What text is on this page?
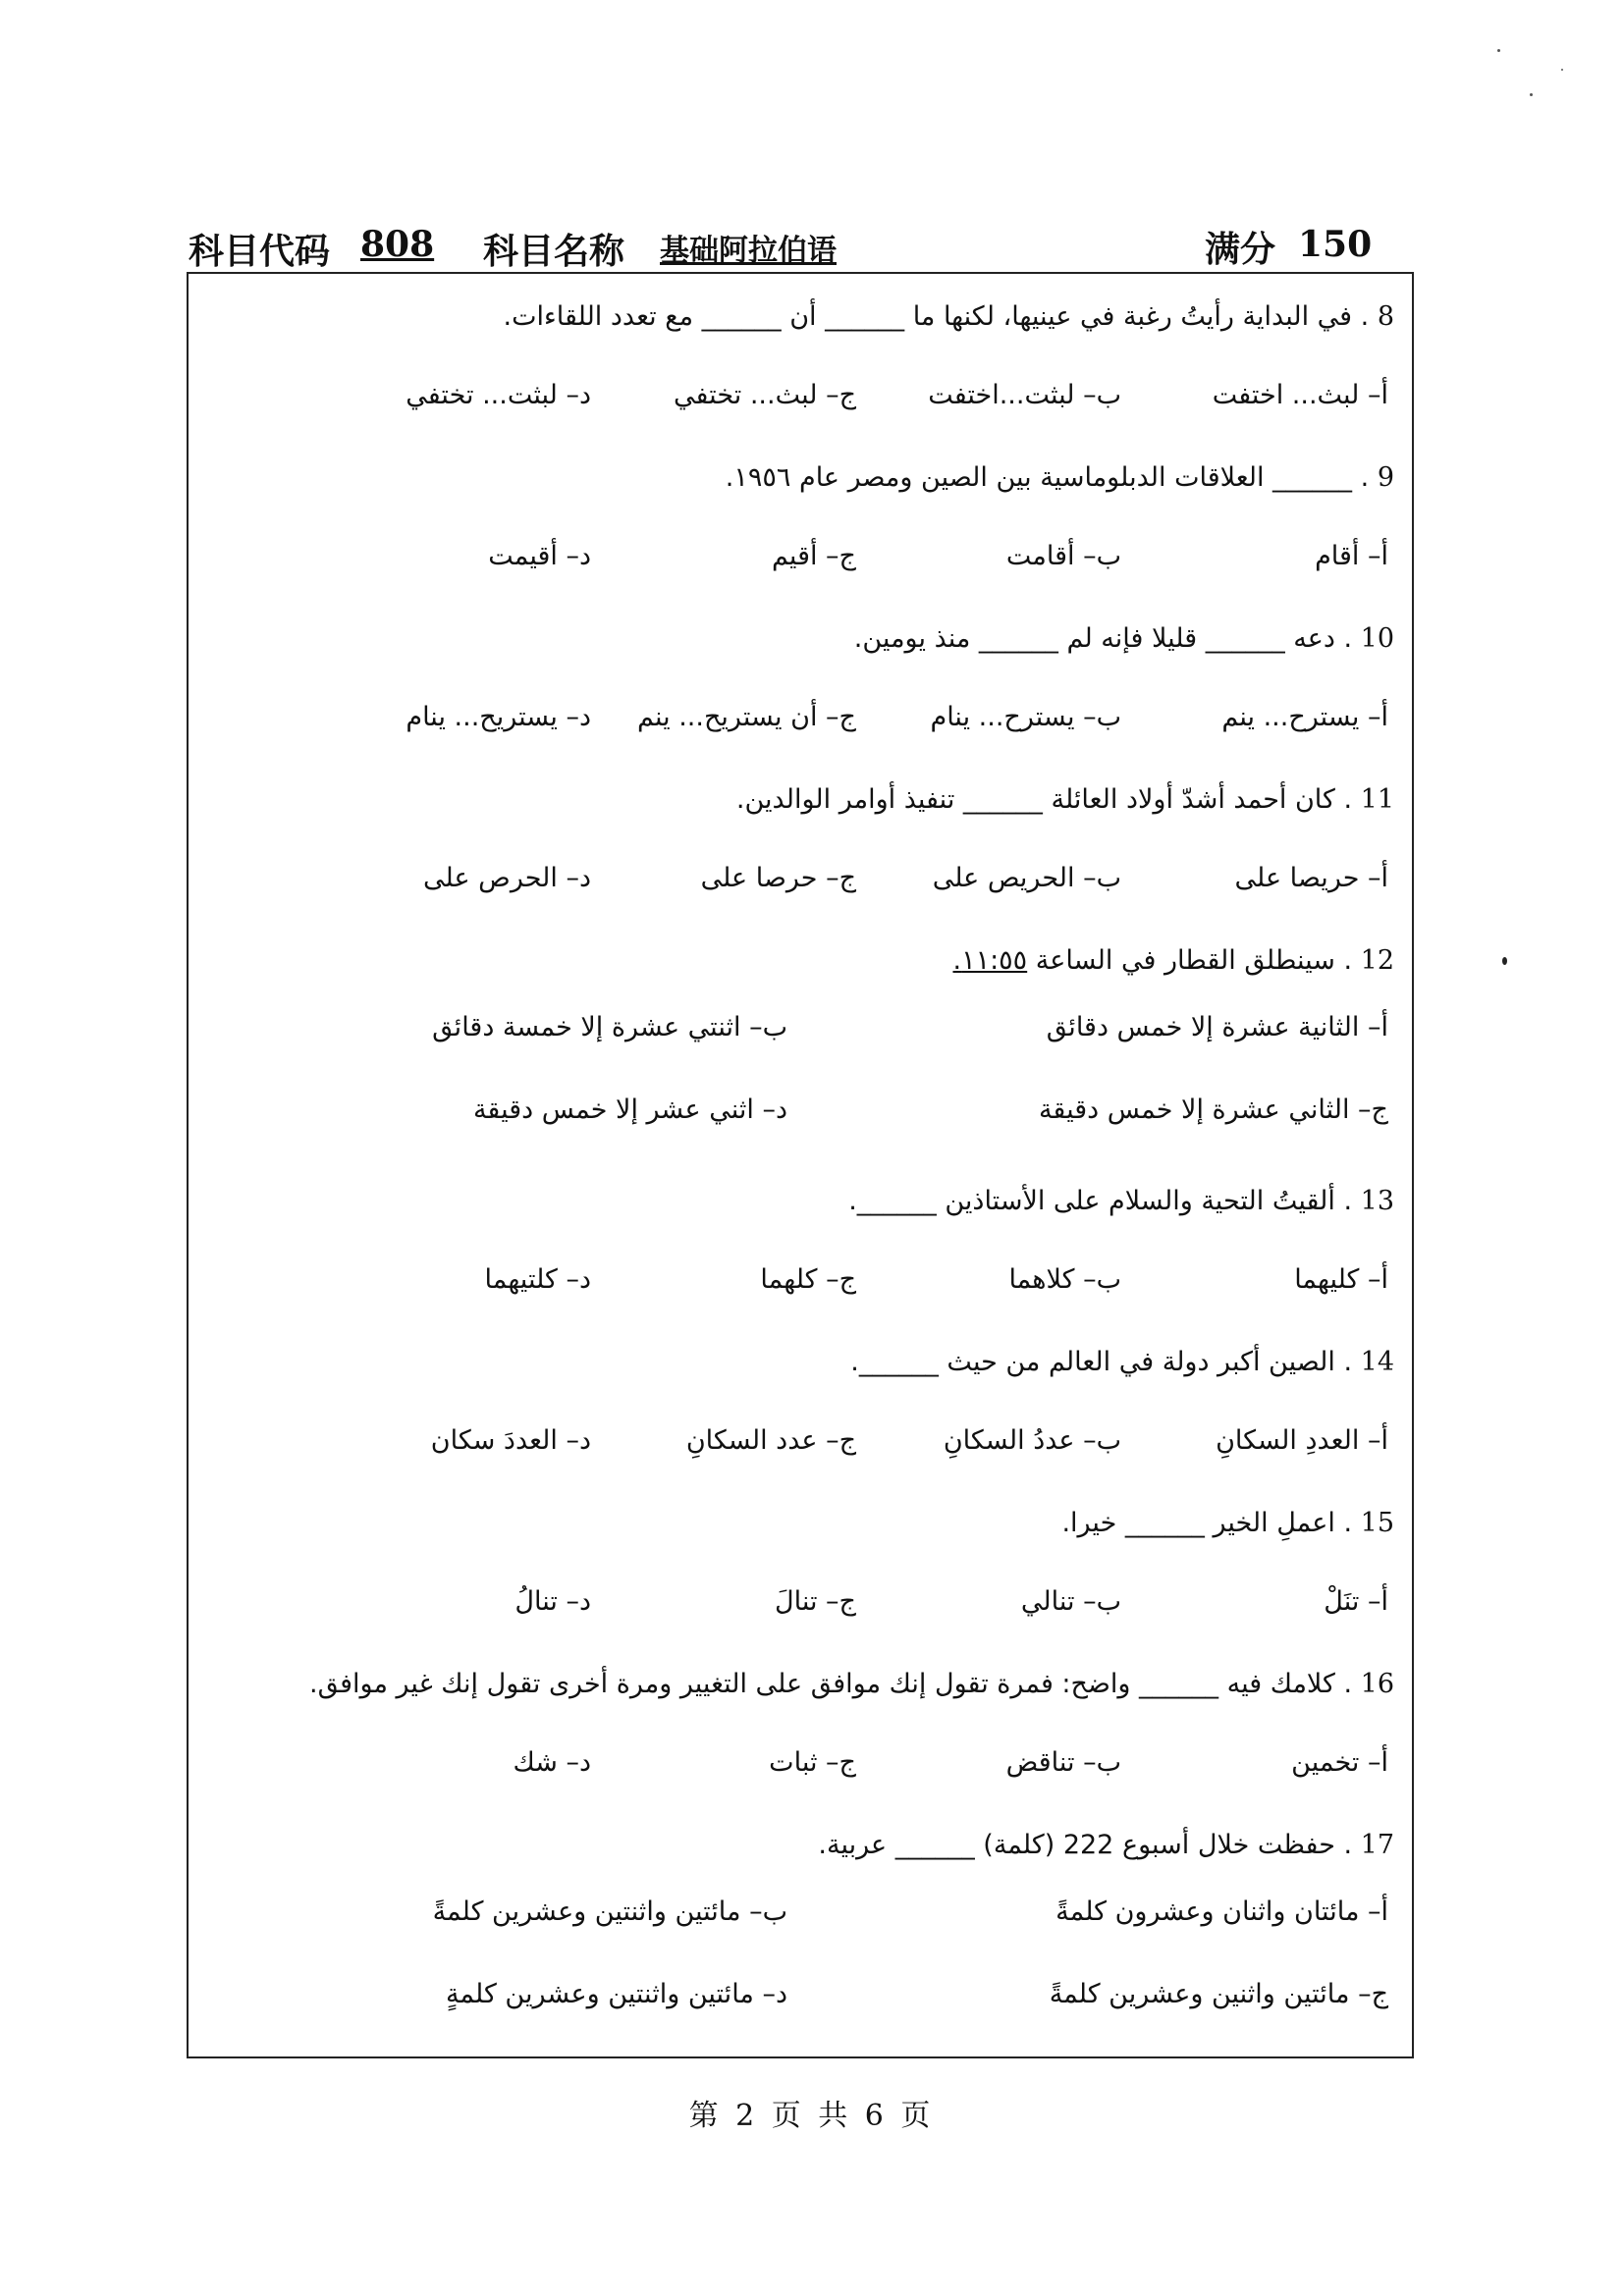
科目代码 808 科目名称 基础阿拉伯语	满分 150
8 . في البداية رأيتُ رغبة في عينيها، لكنها ما ______ أن ______ مع تعدد اللقاءات.
أ– لبث... اختفت
ب– لبثت...اختفت
ج– لبث... تختفي
د– لبثت... تختفي
9 . ______ العلاقات الدبلوماسية بين الصين ومصر عام ١٩٥٦.
أ– أقام
ب– أقامت
ج– أقيم
د– أقيمت
10 . دعه ______ قليلا فإنه لم ______ منذ يومين.
أ– يسترح... ينم
ب– يسترح... ينام
ج– أن يستريح... ينم
د– يستريح... ينام
11 . كان أحمد أشدّ أولاد العائلة ______ تنفيذ أوامر الوالدين.
أ– حريصا على
ب– الحريص على
ج– حرصا على
د– الحرص على
12 . سينطلق القطار في الساعة ١١:٥٥.
أ– الثانية عشرة إلا خمس دقائق
ب– اثنتي عشرة إلا خمسة دقائق
ج– الثاني عشرة إلا خمس دقيقة
د– اثني عشر إلا خمس دقيقة
13 . ألقيتُ التحية والسلام على الأستاذين ______.
أ– كليهما
ب– كلاهما
ج– كلهما
د– كلتيهما
14 . الصين أكبر دولة في العالم من حيث ______.
أ– العددِ السكانِ
ب– عددُ السكانِ
ج– عدد السكانِ
د– العددَ سكان
15 . اعملِ الخير ______ خيرا.
أ– تنَلْ
ب– تنالي
ج– تنالَ
د– تنالُ
16 . كلامك فيه ______ واضح: فمرة تقول إنك موافق على التغيير ومرة أخرى تقول إنك غير موافق.
أ– تخمين
ب– تناقض
ج– ثبات
د– شك
17 . حفظت خلال أسبوع 222 (كلمة) ______ عربية.
أ– مائتان واثنان وعشرون كلمةً
ب– مائتين واثنتين وعشرين كلمةً
ج– مائتين واثنين وعشرين كلمةً
د– مائتين واثنتين وعشرين كلمةٍ
第 2 页 共 6 页
